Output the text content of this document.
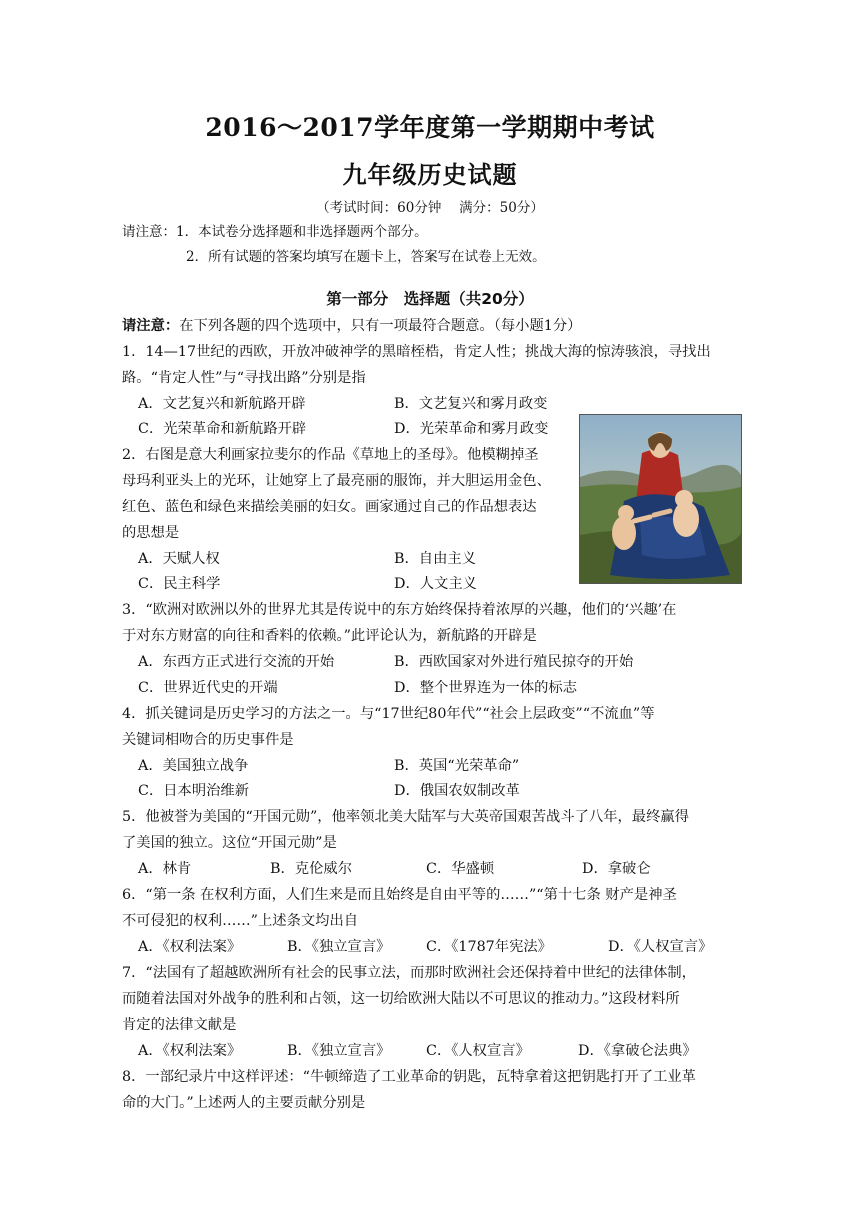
2016～2017学年度第一学期期中考试
九年级历史试题
（考试时间：60分钟　 满分：50分）
请注意：1．本试卷分选择题和非选择题两个部分。
2．所有试题的答案均填写在题卡上，答案写在试卷上无效。
第一部分　选择题（共20分）
请注意：在下列各题的四个选项中，只有一项最符合题意。（每小题1分）
1．14—17世纪的西欧，开放冲破神学的黑暗桎梏，肯定人性；挑战大海的惊涛骇浪，寻找出
路。“肯定人性”与“寻找出路”分别是指
A．文艺复兴和新航路开辟	B．文艺复兴和雾月政变
C．光荣革命和新航路开辟	D．光荣革命和雾月政变
2．右图是意大利画家拉斐尔的作品《草地上的圣母》。他模糊掉圣
母玛利亚头上的光环，让她穿上了最亮丽的服饰，并大胆运用金色、
红色、蓝色和绿色来描绘美丽的妇女。画家通过自己的作品想表达
的思想是
A．天赋人权	B．自由主义
C．民主科学	D．人文主义
3．“欧洲对欧洲以外的世界尤其是传说中的东方始终保持着浓厚的兴趣，他们的‘兴趣’在
于对东方财富的向往和香料的依赖。”此评论认为，新航路的开辟是
A．东西方正式进行交流的开始	B．西欧国家对外进行殖民掠夺的开始
C．世界近代史的开端	D．整个世界连为一体的标志
4．抓关键词是历史学习的方法之一。与“17世纪80年代”“社会上层政变”“不流血”等
关键词相吻合的历史事件是
A．美国独立战争	B．英国“光荣革命”
C．日本明治维新	D．俄国农奴制改革
5．他被誉为美国的“开国元勋”，他率领北美大陆军与大英帝国艰苦战斗了八年，最终赢得
了美国的独立。这位“开国元勋”是
A．林肯	B．克伦威尔	C．华盛顿	D．拿破仑
6．“第一条 在权利方面，人们生来是而且始终是自由平等的……”“第十七条 财产是神圣
不可侵犯的权利……”上述条文均出自
A．《权利法案》	B．《独立宣言》 C．《1787年宪法》	D．《人权宣言》
7．“法国有了超越欧洲所有社会的民事立法，而那时欧洲社会还保持着中世纪的法律体制，
而随着法国对外战争的胜利和占领，这一切给欧洲大陆以不可思议的推动力。”这段材料所
肯定的法律文献是
A．《权利法案》	B．《独立宣言》 C．《人权宣言》	D．《拿破仑法典》
8．一部纪录片中这样评述：“牛顿缔造了工业革命的钥匙，瓦特拿着这把钥匙打开了工业革
命的大门。”上述两人的主要贡献分别是
